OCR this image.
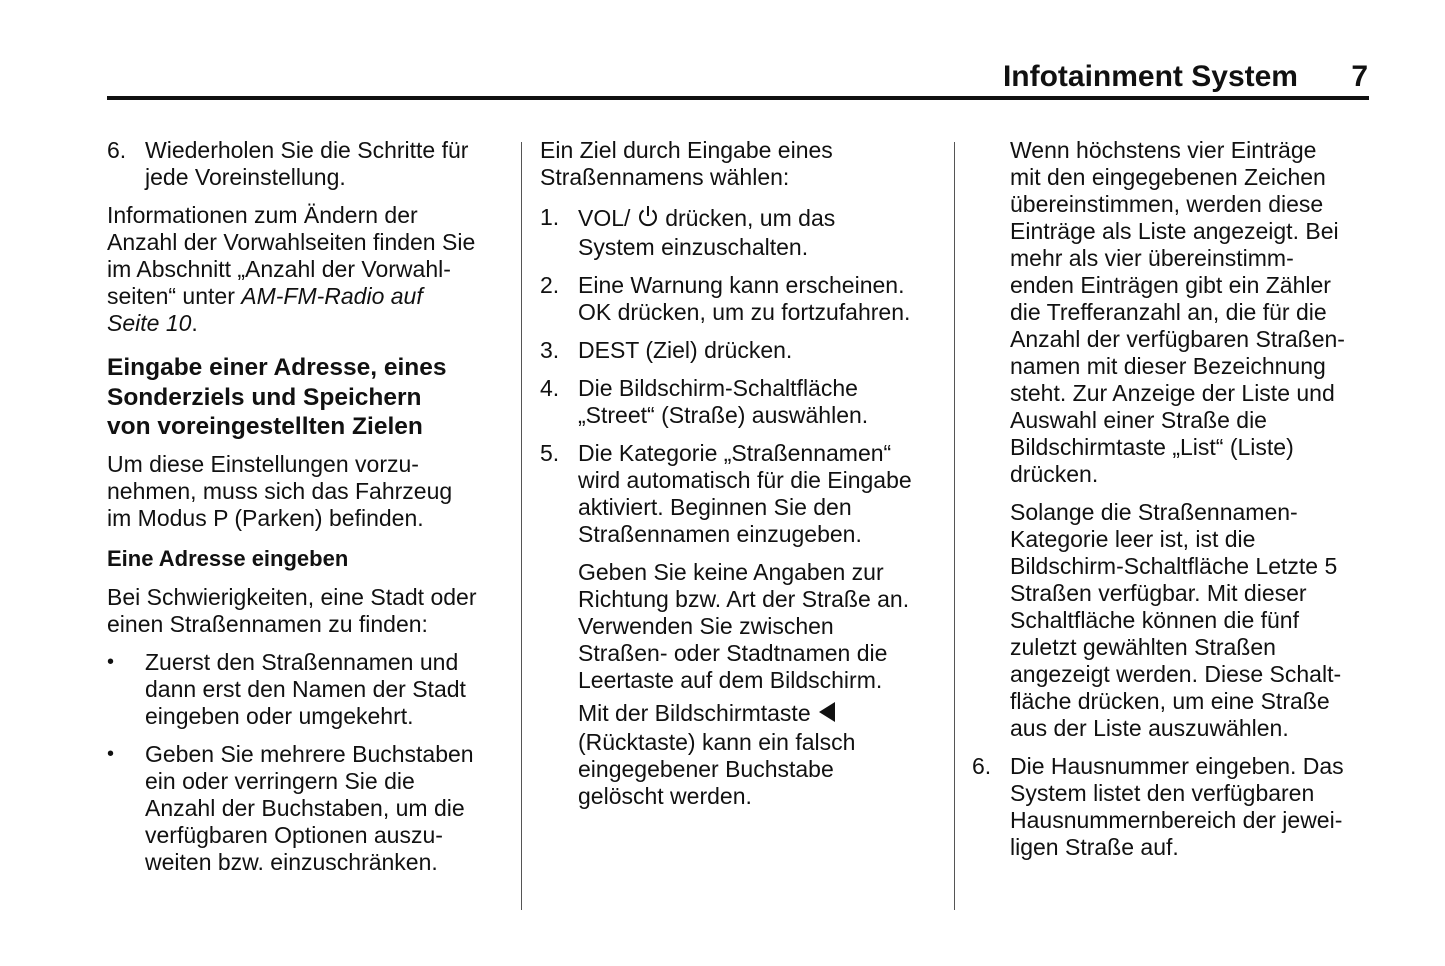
Infotainment System	7
6. Wiederholen Sie die Schritte für
jede Voreinstellung.

Informationen zum Ändern der
Anzahl der Vorwahlseiten finden Sie
im Abschnitt „Anzahl der Vorwahl-
seiten“ unter AM-FM-Radio auf
Seite 10.

Eingabe einer Adresse, eines
Sonderziels und Speichern
von voreingestellten Zielen

Um diese Einstellungen vorzu-
nehmen, muss sich das Fahrzeug
im Modus P (Parken) befinden.

Eine Adresse eingeben

Bei Schwierigkeiten, eine Stadt oder
einen Straßennamen zu finden:

•	Zuerst den Straßennamen und
dann erst den Namen der Stadt
eingeben oder umgekehrt.
•	Geben Sie mehrere Buchstaben
ein oder verringern Sie die
Anzahl der Buchstaben, um die
verfügbaren Optionen auszu-
weiten bzw. einzuschränken.

Ein Ziel durch Eingabe eines
Straßennamens wählen:

1. VOL/  drücken, um das
System einzuschalten.
2. Eine Warnung kann erscheinen.
OK drücken, um zu fortzufahren.
3. DEST (Ziel) drücken.
4. Die Bildschirm-Schaltfläche
„Street“ (Straße) auswählen.
5. Die Kategorie „Straßennamen“
wird automatisch für die Eingabe
aktiviert. Beginnen Sie den
Straßennamen einzugeben.

Geben Sie keine Angaben zur
Richtung bzw. Art der Straße an.
Verwenden Sie zwischen
Straßen- oder Stadtnamen die
Leertaste auf dem Bildschirm.

Mit der Bildschirmtaste
(Rücktaste) kann ein falsch
eingegebener Buchstabe
gelöscht werden.

Wenn höchstens vier Einträge
mit den eingegebenen Zeichen
übereinstimmen, werden diese
Einträge als Liste angezeigt. Bei
mehr als vier übereinstimm-
enden Einträgen gibt ein Zähler
die Trefferanzahl an, die für die
Anzahl der verfügbaren Straßen-
namen mit dieser Bezeichnung
steht. Zur Anzeige der Liste und
Auswahl einer Straße die
Bildschirmtaste „List“ (Liste)
drücken.

Solange die Straßennamen-
Kategorie leer ist, ist die
Bildschirm-Schaltfläche Letzte 5
Straßen verfügbar. Mit dieser
Schaltfläche können die fünf
zuletzt gewählten Straßen
angezeigt werden. Diese Schalt-
fläche drücken, um eine Straße
aus der Liste auszuwählen.

6. Die Hausnummer eingeben. Das
System listet den verfügbaren
Hausnummernbereich der jewei-
ligen Straße auf.
